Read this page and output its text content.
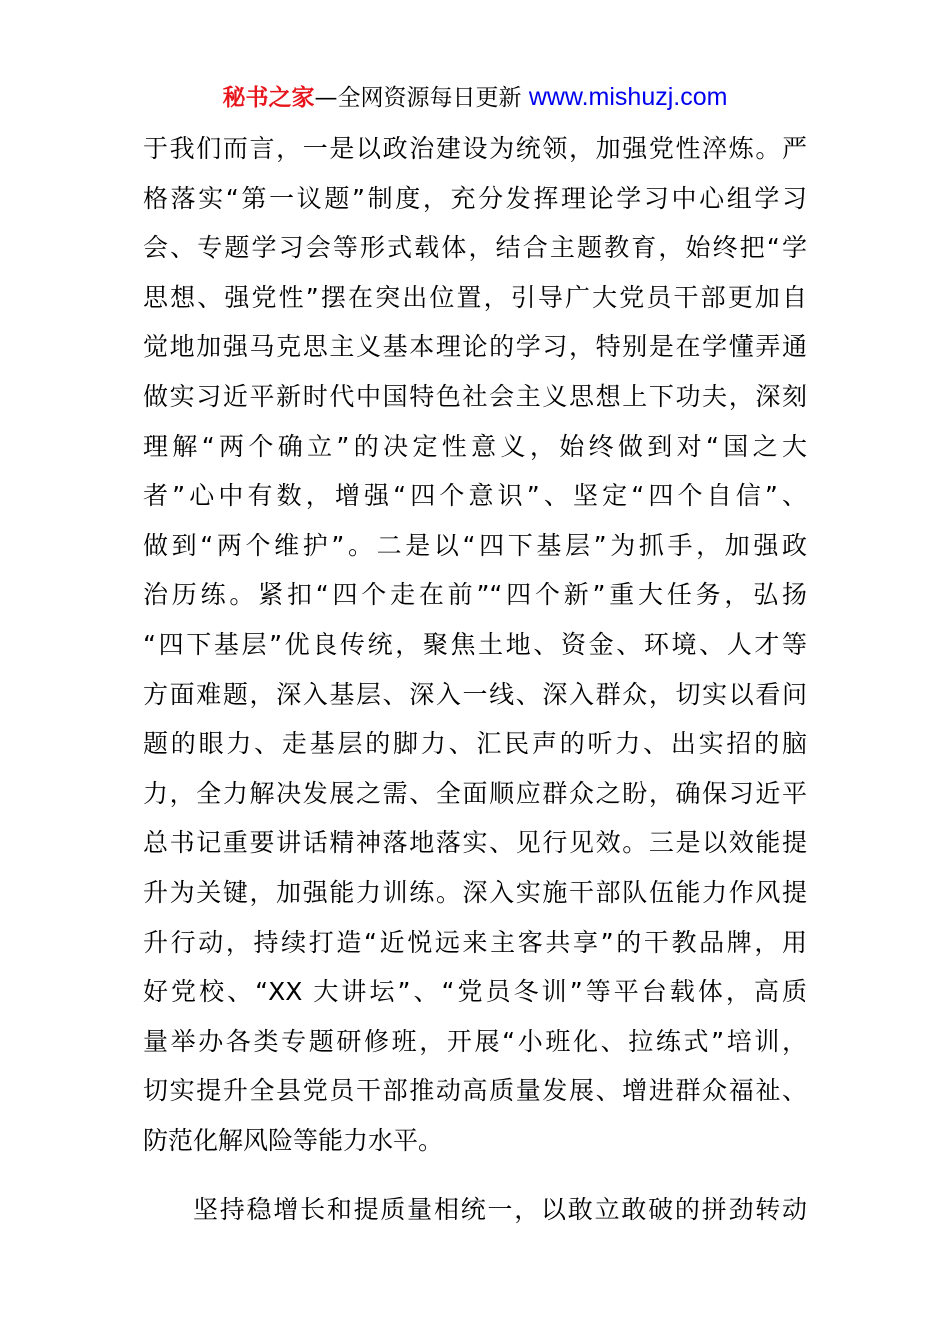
秘书之家—全网资源每日更新 www.mishuzj.com
于我们而言，一是以政治建设为统领，加强党性淬炼。严
格落实“第一议题”制度，充分发挥理论学习中心组学习
会、专题学习会等形式载体，结合主题教育，始终把“学
思想、强党性”摆在突出位置，引导广大党员干部更加自
觉地加强马克思主义基本理论的学习，特别是在学懂弄通
做实习近平新时代中国特色社会主义思想上下功夫，深刻
理解“两个确立”的决定性意义，始终做到对“国之大
者”心中有数，增强“四个意识”、坚定“四个自信”、
做到“两个维护”。二是以“四下基层”为抓手，加强政
治历练。紧扣“四个走在前”“四个新”重大任务，弘扬
“四下基层”优良传统，聚焦土地、资金、环境、人才等
方面难题，深入基层、深入一线、深入群众，切实以看问
题的眼力、走基层的脚力、汇民声的听力、出实招的脑
力，全力解决发展之需、全面顺应群众之盼，确保习近平
总书记重要讲话精神落地落实、见行见效。三是以效能提
升为关键，加强能力训练。深入实施干部队伍能力作风提
升行动，持续打造“近悦远来主客共享”的干教品牌，用
好党校、“XX 大讲坛”、“党员冬训”等平台载体，高质
量举办各类专题研修班，开展“小班化、拉练式”培训，
切实提升全县党员干部推动高质量发展、增进群众福祉、
防范化解风险等能力水平。
坚持稳增长和提质量相统一，以敢立敢破的拼劲转动
